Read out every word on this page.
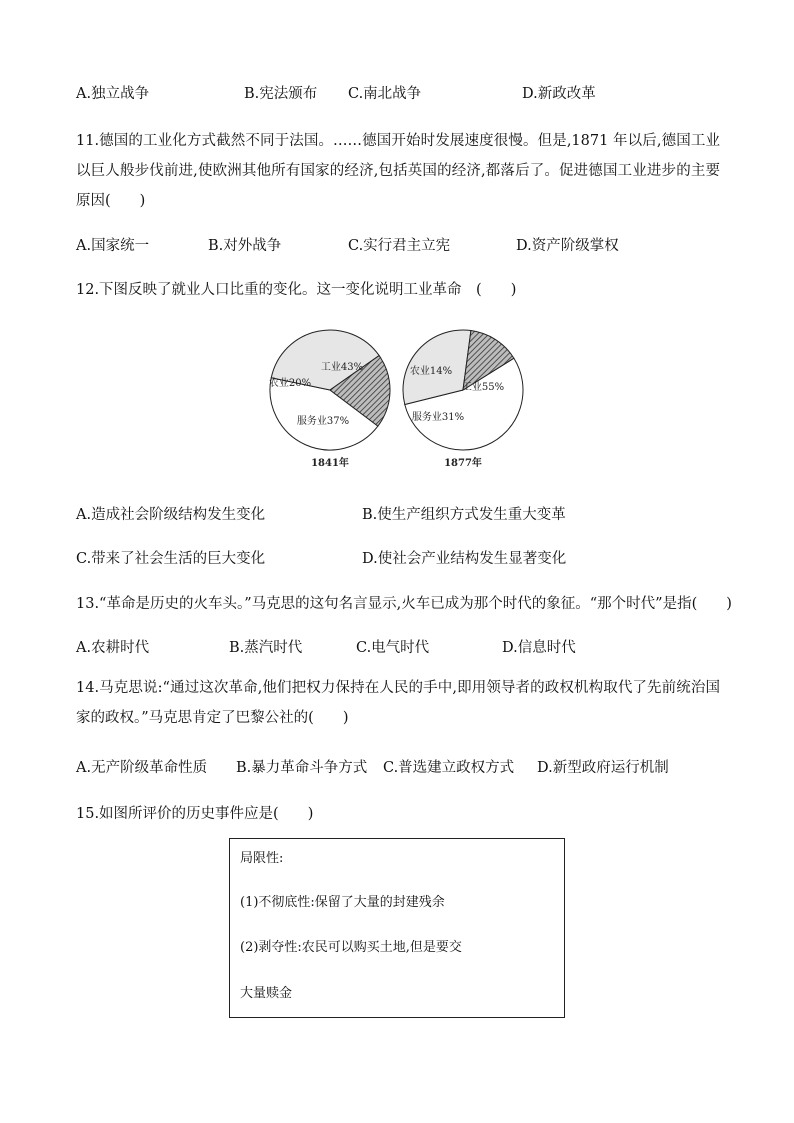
A.独立战争	B.宪法颁布 C.南北战争	D.新政改革
11.德国的工业化方式截然不同于法国。……德国开始时发展速度很慢。但是,1871 年以后,德国工业以巨人般步伐前进,使欧洲其他所有国家的经济,包括英国的经济,都落后了。促进德国工业进步的主要原因(　　)
A.国家统一	B.对外战争	C.实行君主立宪	D.资产阶级掌权
12.下图反映了就业人口比重的变化。这一变化说明工业革命　(　　)
工业43%
服务业37%
农业20%
1841年
工业55%
服务业31%
农业14%
1877年
A.造成社会阶级结构发生变化	B.使生产组织方式发生重大变革
C.带来了社会生活的巨大变化	D.使社会产业结构发生显著变化
13.“革命是历史的火车头。”马克思的这句名言显示,火车已成为那个时代的象征。“那个时代”是指(　　)
A.农耕时代	B.蒸汽时代	C.电气时代	D.信息时代
14.马克思说:“通过这次革命,他们把权力保持在人民的手中,即用领导者的政权机构取代了先前统治国家的政权。”马克思肯定了巴黎公社的(　　)
A.无产阶级革命性质 B.暴力革命斗争方式 C.普选建立政权方式 D.新型政府运行机制
15.如图所评价的历史事件应是(　　)
局限性:
(1)不彻底性:保留了大量的封建残余
(2)剥夺性:农民可以购买土地,但是要交
大量赎金
